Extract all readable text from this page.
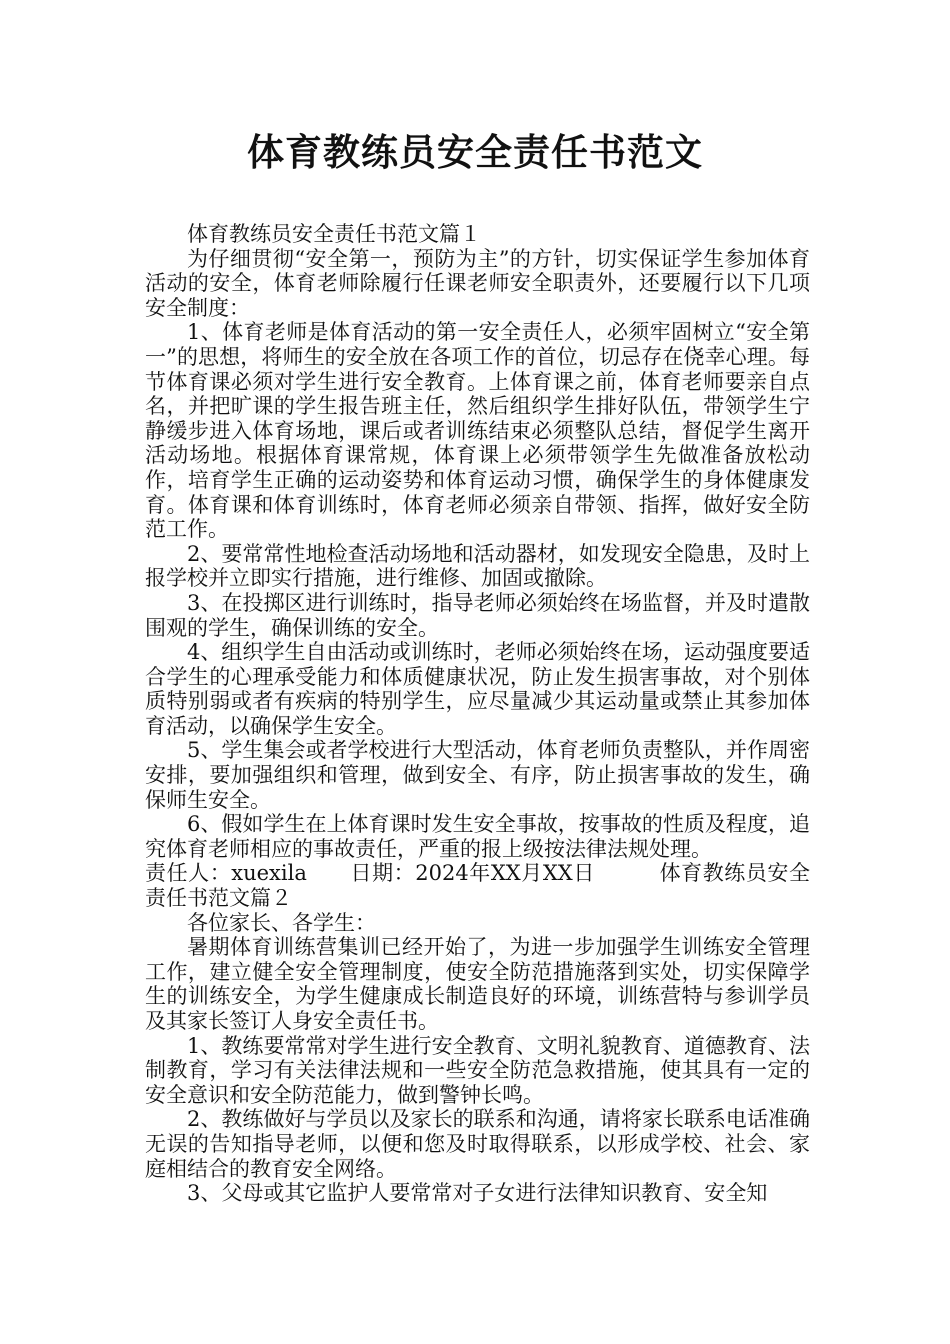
体育教练员安全责任书范文

体育教练员安全责任书范文篇１

为仔细贯彻“安全第一，预防为主”的方针，切实保证学生参加体育活动的安全，体育老师除履行任课老师安全职责外，还要履行以下几项安全制度：

1、体育老师是体育活动的第一安全责任人，必须牢固树立“安全第一”的思想，将师生的安全放在各项工作的首位，切忌存在侥幸心理。每节体育课必须对学生进行安全教育。上体育课之前，体育老师要亲自点名，并把旷课的学生报告班主任，然后组织学生排好队伍，带领学生宁静缓步进入体育场地，课后或者训练结束必须整队总结，督促学生离开活动场地。根据体育课常规，体育课上必须带领学生先做准备放松动作，培育学生正确的运动姿势和体育运动习惯，确保学生的身体健康发育。体育课和体育训练时，体育老师必须亲自带领、指挥，做好安全防范工作。

2、要常常性地检查活动场地和活动器材，如发现安全隐患，及时上报学校并立即实行措施，进行维修、加固或撤除。

3、在投掷区进行训练时，指导老师必须始终在场监督，并及时遣散围观的学生，确保训练的安全。

4、组织学生自由活动或训练时，老师必须始终在场，运动强度要适合学生的心理承受能力和体质健康状况，防止发生损害事故，对个别体质特别弱或者有疾病的特别学生，应尽量减少其运动量或禁止其参加体育活动，以确保学生安全。

5、学生集会或者学校进行大型活动，体育老师负责整队，并作周密安排，要加强组织和管理，做到安全、有序，防止损害事故的发生，确保师生安全。

6、假如学生在上体育课时发生安全事故，按事故的性质及程度，追究体育老师相应的事故责任，严重的报上级按法律法规处理。

责任人：xuexila　　日期：2024年XX月XX日　　　体育教练员安全责任书范文篇２

各位家长、各学生：

暑期体育训练营集训已经开始了，为进一步加强学生训练安全管理工作，建立健全安全管理制度，使安全防范措施落到实处，切实保障学生的训练安全，为学生健康成长制造良好的环境，训练营特与参训学员及其家长签订人身安全责任书。

1、教练要常常对学生进行安全教育、文明礼貌教育、道德教育、法制教育，学习有关法律法规和一些安全防范急救措施，使其具有一定的安全意识和安全防范能力，做到警钟长鸣。

2、教练做好与学员以及家长的联系和沟通，请将家长联系电话准确无误的告知指导老师，以便和您及时取得联系，以形成学校、社会、家庭相结合的教育安全网络。

3、父母或其它监护人要常常对子女进行法律知识教育、安全知
